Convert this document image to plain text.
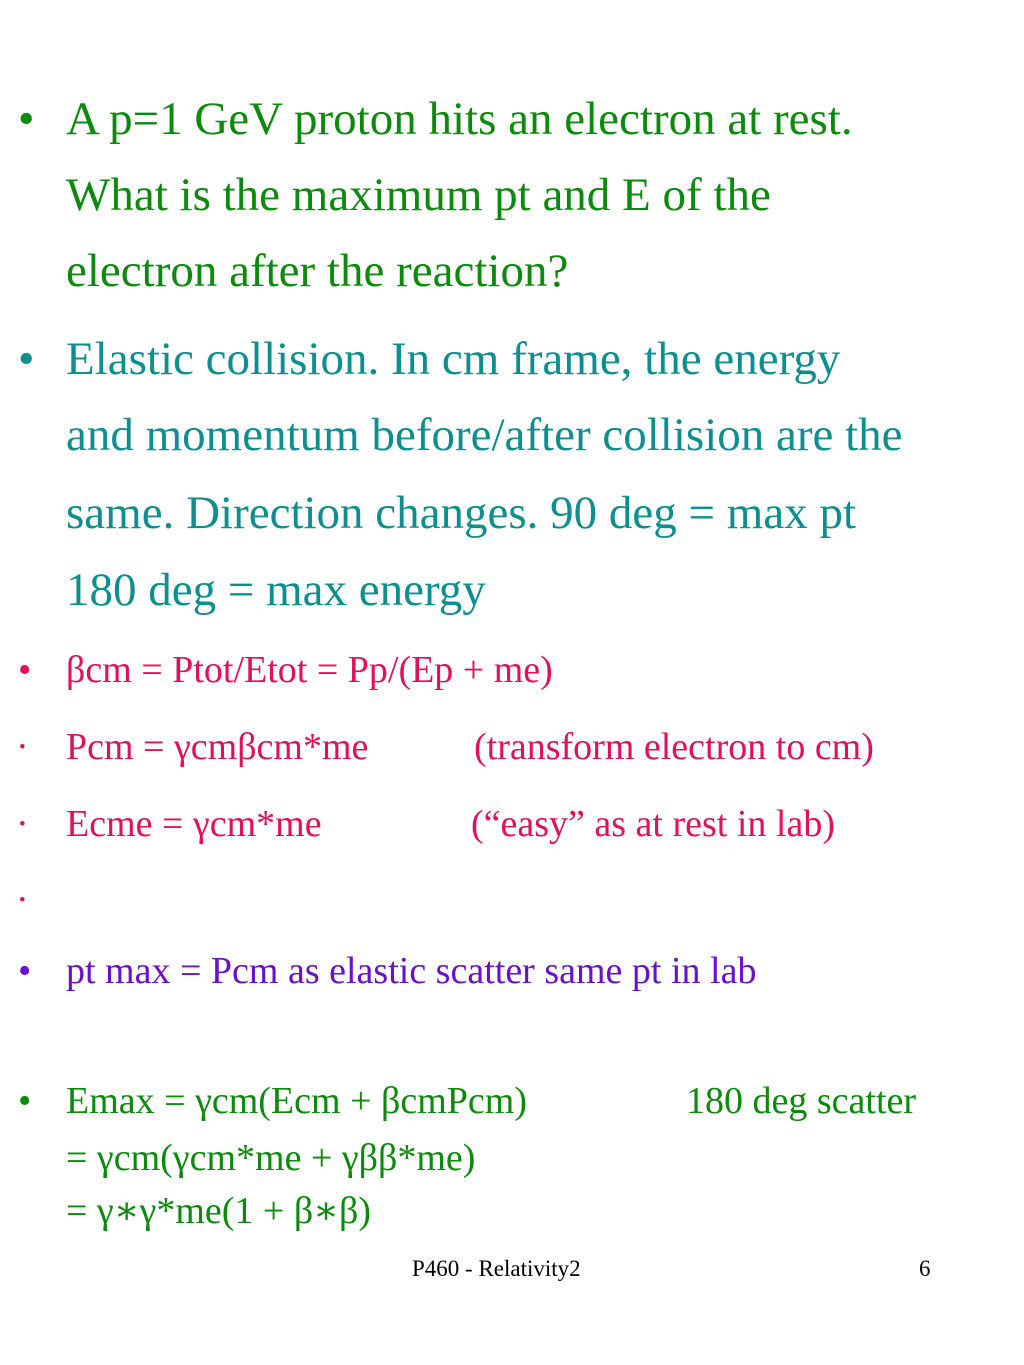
• A p=1 GeV proton hits an electron at rest.
What is the maximum pt and E of the
electron after the reaction?
• Elastic collision. In cm frame, the energy
and momentum before/after collision are the
same. Direction changes. 90 deg = max pt
180 deg = max energy
• βcm = Ptot/Etot = Pp/(Ep + me)
· Pcm = γcmβcm*me	(transform electron to cm)
· Ecme = γcm*me	(“easy” as at rest in lab)
·
• pt max = Pcm as elastic scatter same pt in lab
• Emax = γcm(Ecm + βcmPcm)	180 deg scatter
= γcm(γcm*me + γββ*me)
= γ∗γ*me(1 + β∗β)
P460 - Relativity2	6
